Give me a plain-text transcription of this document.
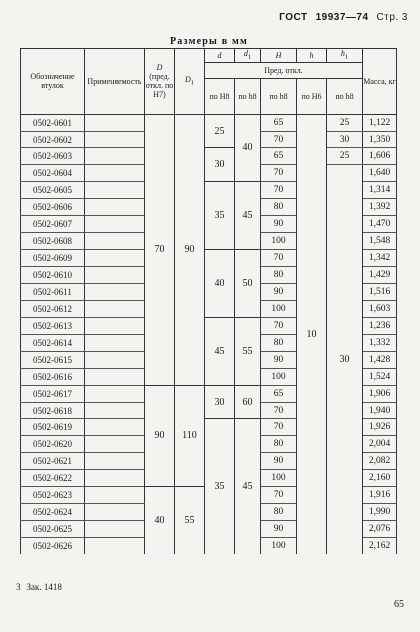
ГОСТ 19937—74 Стр. 3
Размеры в мм
Обозначение втулок	Применяемость	D
(пред. откл. по H7)	$D_1$	d	$d_1$	H	h	$h_1$	Масса, кг
				Пред. откл.					
				по H8	по h8	по h8	по H6	по h8	
0502-0601		70	90	25	40	65	10	25	1,122
0502-0602						70		30	1,350
0502-0603				30		65		25	1,606
0502-0604						70		30	1,640
0502-0605				35	45	70			1,314
0502-0606						80			1,392
0502-0607						90			1,470
0502-0608						100			1,548
0502-0609				40	50	70			1,342
0502-0610						80			1,429
0502-0611						90			1,516
0502-0612						100			1,603
0502-0613				45	55	70			1,236
0502-0614						80			1,332
0502-0615						90			1,428
0502-0616						100			1,524
0502-0617		90	110	30	60	65			1,906
0502-0618						70			1,940
0502-0619				35	45	70			1,926
0502-0620						80			2,004
0502-0621						90			2,082
0502-0622						100			2,160
0502-0623		40	55			70			1,916
0502-0624						80			1,990
0502-0625						90			2,076
0502-0626						100			2,162
3 Зак. 1418
65
